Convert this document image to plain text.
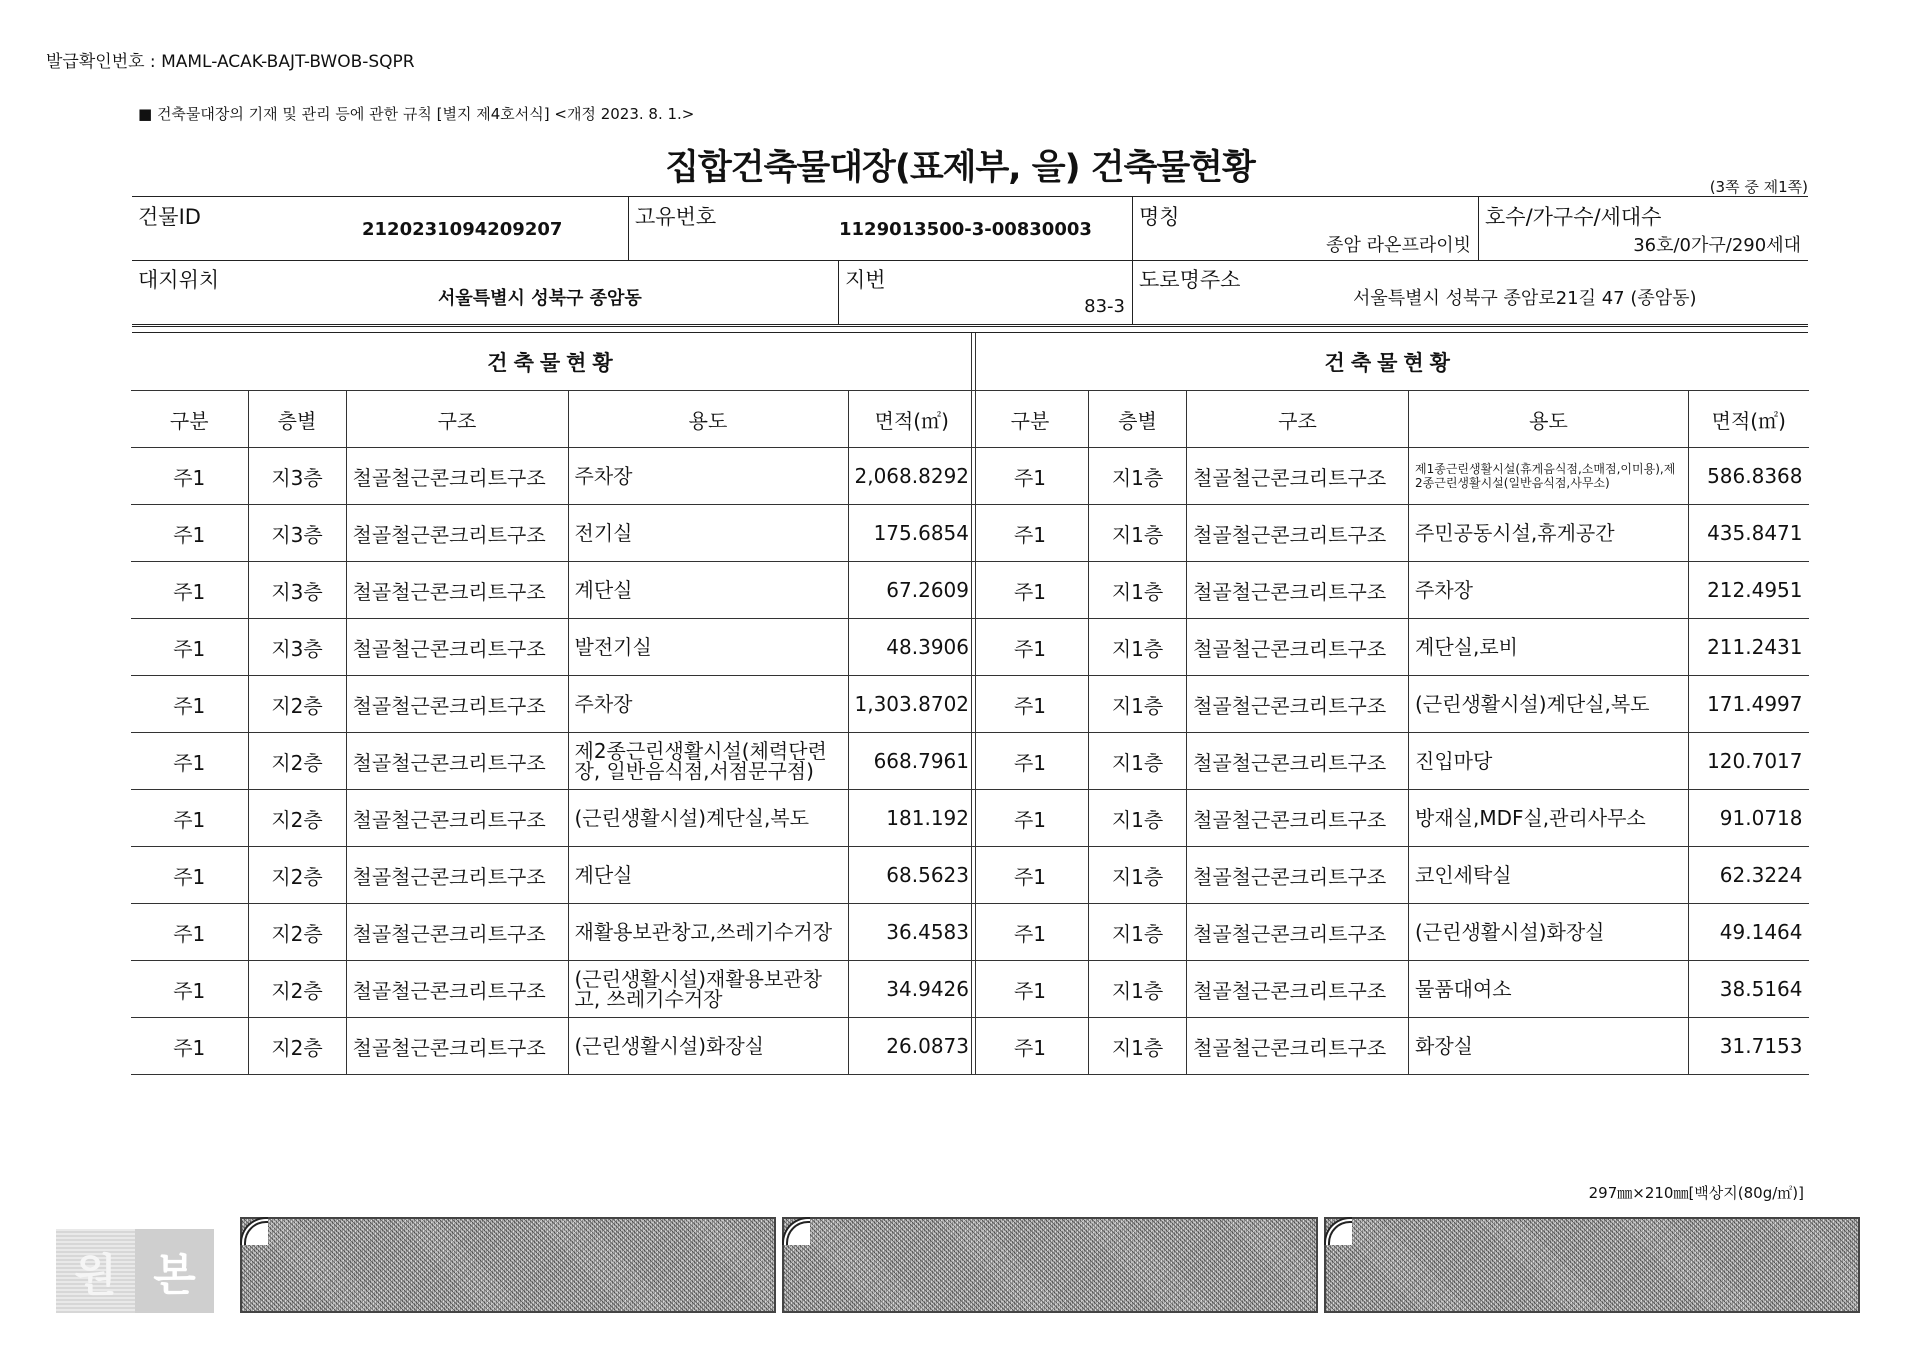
발급확인번호 : MAML-ACAK-BAJT-BWOB-SQPR
■ 건축물대장의 기재 및 관리 등에 관한 규칙 [별지 제4호서식] <개정 2023. 8. 1.>
집합건축물대장(표제부, 을) 건축물현황	(3쪽 중 제1쪽)
건물ID
2120231094209207
고유번호
1129013500-3-00830003
명칭
종암 라온프라이빗
호수/가구수/세대수
36호/0가구/290세대
대지위치
서울특별시 성북구 종암동
지번
83-3
도로명주소
서울특별시 성북구 종암로21길 47 (종암동)
건축물현황				
구분	층별	구조	용도	면적(㎡)
주1	지3층	철골철근콘크리트구조	주차장	2,068.8292
주1	지3층	철골철근콘크리트구조	전기실	175.6854
주1	지3층	철골철근콘크리트구조	계단실	67.2609
주1	지3층	철골철근콘크리트구조	발전기실	48.3906
주1	지2층	철골철근콘크리트구조	주차장	1,303.8702
주1	지2층	철골철근콘크리트구조	제2종근린생활시설(체력단련장, 일반음식점,서점문구점)	668.7961
주1	지2층	철골철근콘크리트구조	(근린생활시설)계단실,복도	181.192
주1	지2층	철골철근콘크리트구조	계단실	68.5623
주1	지2층	철골철근콘크리트구조	재활용보관창고,쓰레기수거장	36.4583
주1	지2층	철골철근콘크리트구조	(근린생활시설)재활용보관창고, 쓰레기수거장	34.9426
주1	지2층	철골철근콘크리트구조	(근린생활시설)화장실	26.0873
건축물현황				
구분	층별	구조	용도	면적(㎡)
주1	지1층	철골철근콘크리트구조	제1종근린생활시설(휴게음식점,소매점,이미용),제2종근린생활시설(일반음식점,사무소)	586.8368
주1	지1층	철골철근콘크리트구조	주민공동시설,휴게공간	435.8471
주1	지1층	철골철근콘크리트구조	주차장	212.4951
주1	지1층	철골철근콘크리트구조	계단실,로비	211.2431
주1	지1층	철골철근콘크리트구조	(근린생활시설)계단실,복도	171.4997
주1	지1층	철골철근콘크리트구조	진입마당	120.7017
주1	지1층	철골철근콘크리트구조	방재실,MDF실,관리사무소	91.0718
주1	지1층	철골철근콘크리트구조	코인세탁실	62.3224
주1	지1층	철골철근콘크리트구조	(근린생활시설)화장실	49.1464
주1	지1층	철골철근콘크리트구조	물품대여소	38.5164
주1	지1층	철골철근콘크리트구조	화장실	31.7153
297㎜×210㎜[백상지(80g/㎡)]
원 본
